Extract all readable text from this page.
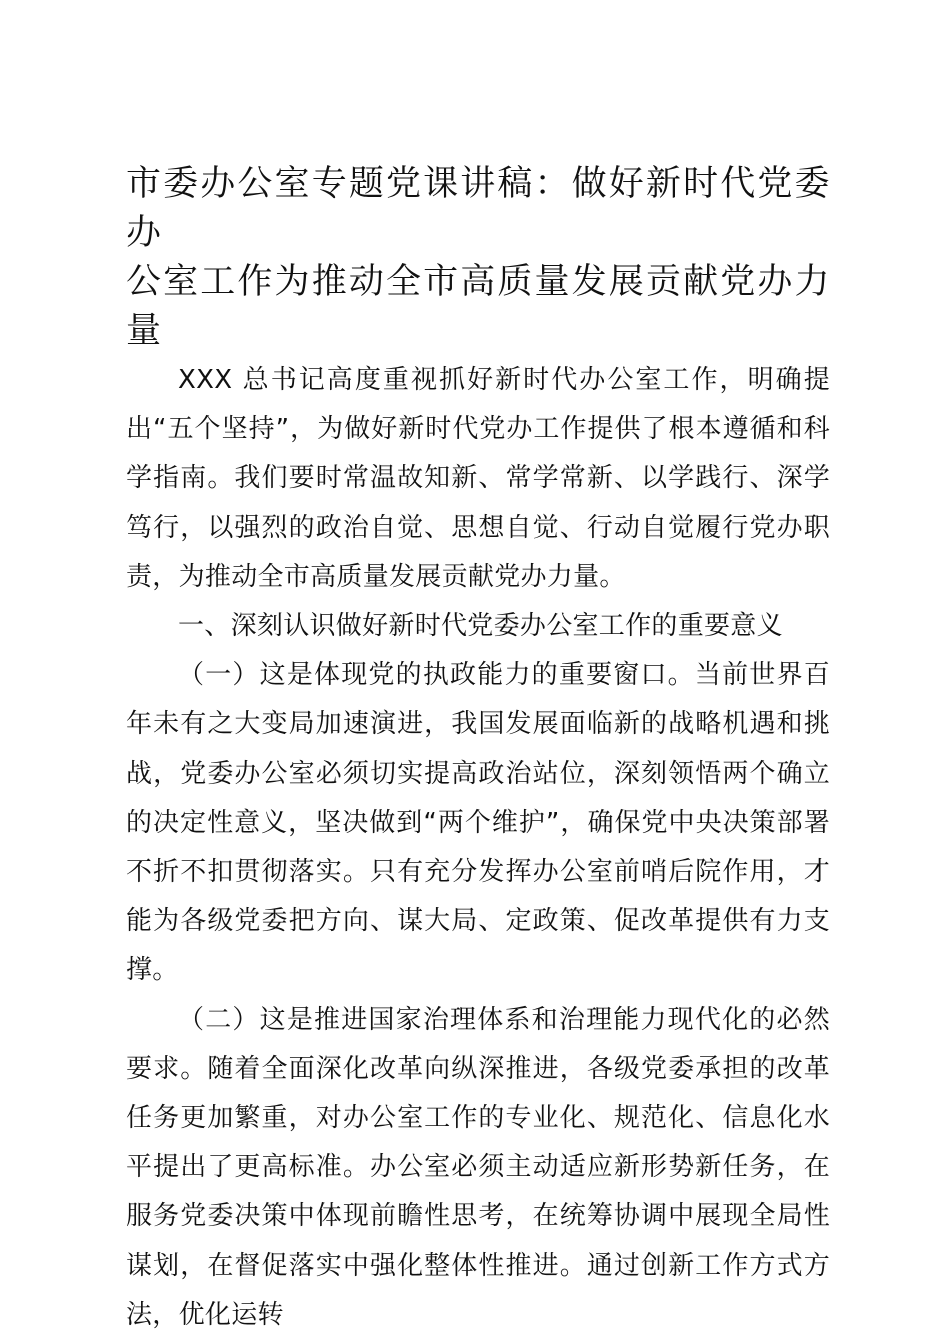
市委办公室专题党课讲稿：做好新时代党委办
公室工作为推动全市高质量发展贡献党办力量

XXX 总书记高度重视抓好新时代办公室工作，明确提出“五个坚持”，为做好新时代党办工作提供了根本遵循和科学指南。我们要时常温故知新、常学常新、以学践行、深学笃行，以强烈的政治自觉、思想自觉、行动自觉履行党办职责，为推动全市高质量发展贡献党办力量。

一、深刻认识做好新时代党委办公室工作的重要意义

（一）这是体现党的执政能力的重要窗口。当前世界百年未有之大变局加速演进，我国发展面临新的战略机遇和挑战，党委办公室必须切实提高政治站位，深刻领悟两个确立的决定性意义，坚决做到“两个维护”，确保党中央决策部署不折不扣贯彻落实。只有充分发挥办公室前哨后院作用，才能为各级党委把方向、谋大局、定政策、促改革提供有力支撑。

（二）这是推进国家治理体系和治理能力现代化的必然要求。随着全面深化改革向纵深推进，各级党委承担的改革任务更加繁重，对办公室工作的专业化、规范化、信息化水平提出了更高标准。办公室必须主动适应新形势新任务，在服务党委决策中体现前瞻性思考，在统筹协调中展现全局性谋划，在督促落实中强化整体性推进。通过创新工作方式方法，优化运转
